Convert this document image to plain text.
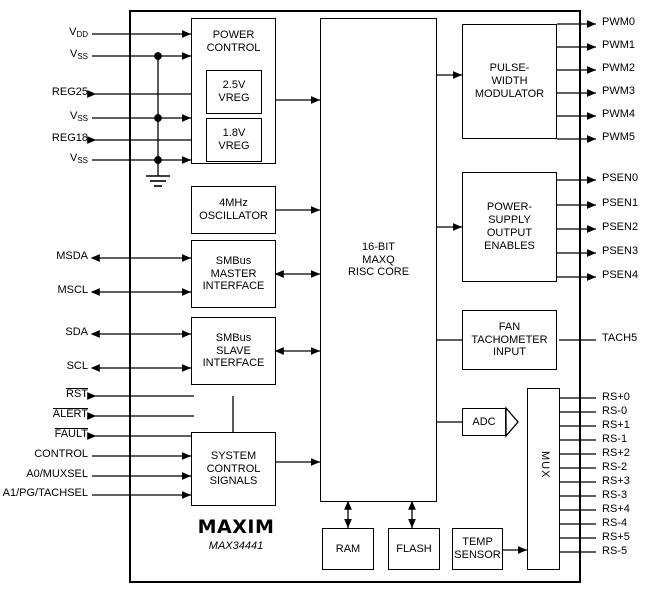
$V_{DD}$
$V_{SS}$
REG25
$V_{SS}$
REG18
$V_{SS}$
MSDA
MSCL
SDA
SCL
RST
ALERT
FAULT
CONTROL
A0/MUXSEL
A1/PG/TACHSEL
PWM0
PWM1
PWM2
PWM3
PWM4
PWM5
PSEN0
PSEN1
PSEN2
PSEN3
PSEN4
TACH5
RS+0
RS-0
RS+1
RS-1
RS+2
RS-2
RS+3
RS-3
RS+4
RS-4
RS+5
RS-5
POWER
CONTROL
2.5V
VREG
1.8V
VREG
4MHz
OSCILLATOR
SMBus
MASTER
INTERFACE
SMBus
SLAVE
INTERFACE
SYSTEM
CONTROL
SIGNALS
16-BIT
MAXQ
RISC CORE
PULSE-
WIDTH
MODULATOR
POWER-
SUPPLY
OUTPUT
ENABLES
FAN
TACHOMETER
INPUT
ADC
MUX
RAM	FLASH
TEMP
SENSOR
MAXIM
MAX34441
